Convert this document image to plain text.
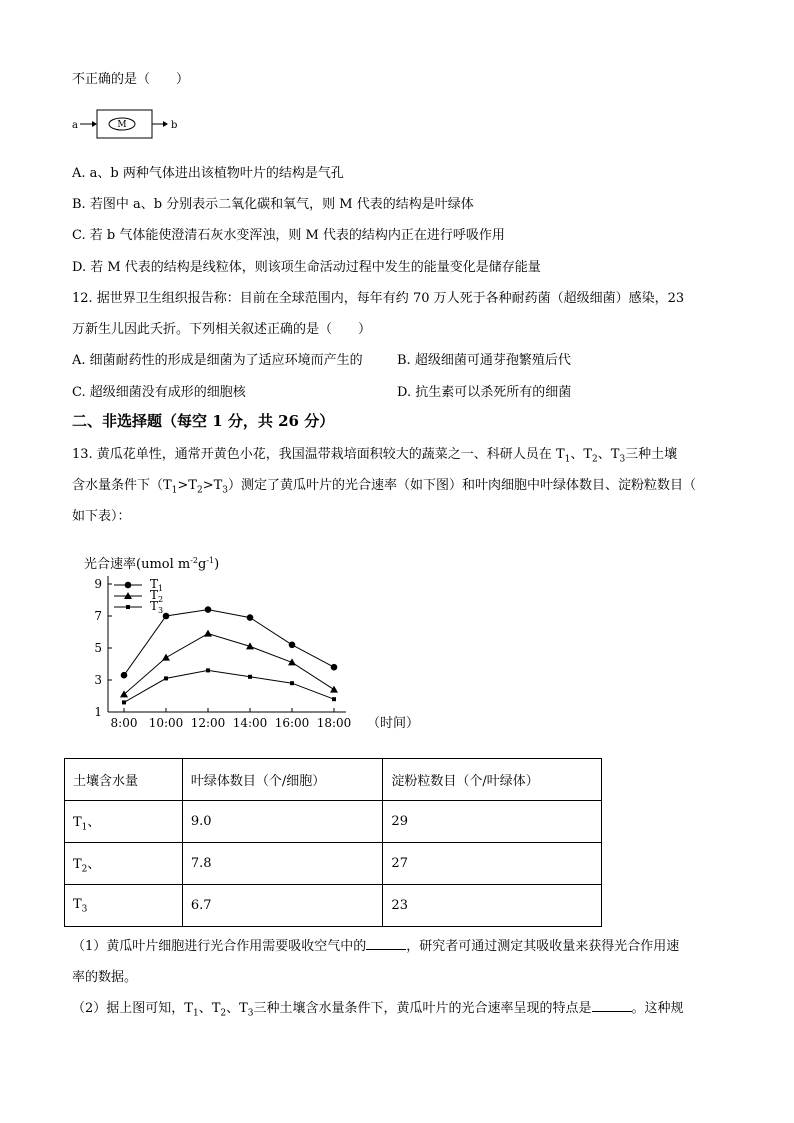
不正确的是（　　）
a	M	b
A. a、b 两种气体进出该植物叶片的结构是气孔
B. 若图中 a、b 分别表示二氧化碳和氧气，则 M 代表的结构是叶绿体
C. 若 b 气体能使澄清石灰水变浑浊，则 M 代表的结构内正在进行呼吸作用
D. 若 M 代表的结构是线粒体，则该项生命活动过程中发生的能量变化是储存能量
12. 据世界卫生组织报告称：目前在全球范围内，每年有约 70 万人死于各种耐药菌（超级细菌）感染，23
万新生儿因此夭折。下列相关叙述正确的是（　　）
A. 细菌耐药性的形成是细菌为了适应环境而产生的	B. 超级细菌可通芽孢繁殖后代
C. 超级细菌没有成形的细胞核	D. 抗生素可以杀死所有的细菌
二、非选择题（每空 1 分，共 26 分）
13. 黄瓜花单性，通常开黄色小花，我国温带栽培面积较大的蔬菜之一、科研人员在 $T_1$、$T_2$、$T_3$三种土壤
含水量条件下$(T_1>T_2>T_3)$测定了黄瓜叶片的光合速率（如下图）和叶肉细胞中叶绿体数目、淀粉粒数目（
如下表）：
光合速率(umol $m^{-2}g^{-1}$)
1
3
5
7
9
8:00 10:00 12:00 14:00 16:00 18:00
$T_1$
$T_2$
$T_3$
（时间）
土壤含水量	叶绿体数目（个/细胞）	淀粉粒数目（个/叶绿体）
$T_1$、	9.0	29
$T_2$、	7.8	27
$T_3$	6.7	23
（1）黄瓜叶片细胞进行光合作用需要吸收空气中的	，研究者可通过测定其吸收量来获得光合作用速
率的数据。
（2）据上图可知，$T_1$、$T_2$、$T_3$三种土壤含水量条件下，黄瓜叶片的光合速率呈现的特点是	。这种规
